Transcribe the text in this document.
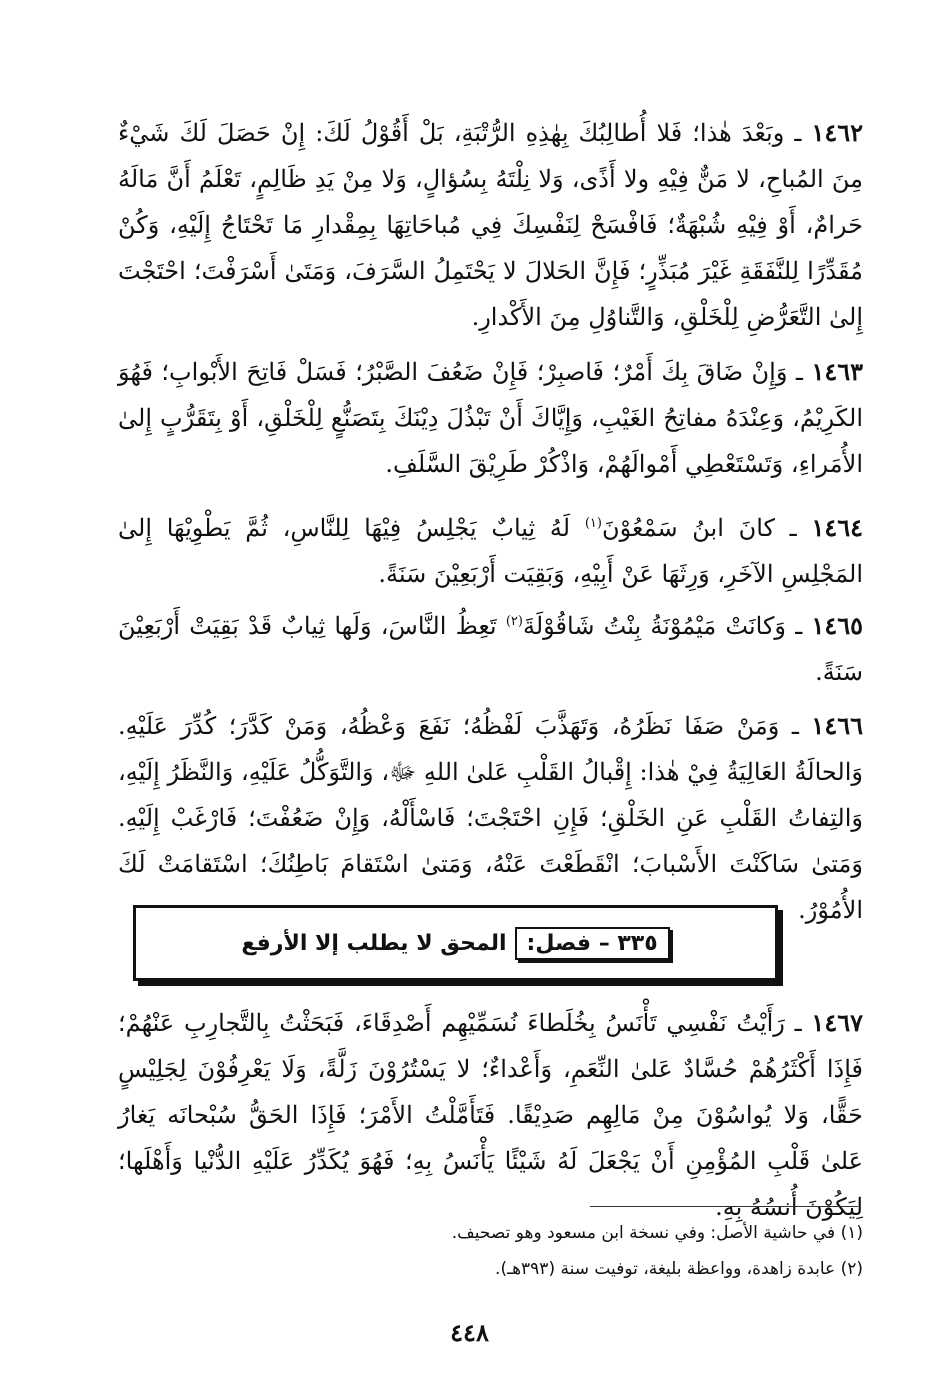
١٤٦٢ ـ وبَعْدَ هٰذا؛ فَلا أُطالِبُكَ بِهٰذِهِ الرُّتْبَةِ، بَلْ أَقُوْلُ لَكَ: إِنْ حَصَلَ لَكَ شَيْءٌ مِنَ المُباحِ، لا مَنٌّ فِيْهِ ولا أَذًى، وَلا نِلْتَهُ بِسُؤالٍ، وَلا مِنْ يَدِ ظَالِمٍ، تَعْلَمُ أَنَّ مَالَهُ حَرامٌ، أَوْ فِيْهِ شُبْهَةٌ؛ فَافْسَحْ لِنَفْسِكَ فِي مُباحَاتِهَا بِمِقْدارِ مَا تَحْتَاجُ إِلَيْهِ، وَكُنْ مُقَدِّرًا لِلنَّفَقَةِ غَيْرَ مُبَذِّرٍ؛ فَإِنَّ الحَلالَ لا يَحْتَمِلُ السَّرَفَ، وَمَتَىٰ أَسْرَفْتَ؛ احْتَجْتَ إِلىٰ التَّعَرُّضِ لِلْخَلْقِ، وَالتَّناوُلِ مِنَ الأَكْدارِ.
١٤٦٣ ـ وَإِنْ ضَاقَ بِكَ أَمْرٌ؛ فَاصبِرْ؛ فَإِنْ ضَعُفَ الصَّبْرُ؛ فَسَلْ فَاتِحَ الأَبْوابِ؛ فَهُوَ الكَرِيْمُ، وَعِنْدَهُ مفاتِحُ الغَيْبِ، وَإِيَّاكَ أَنْ تَبْذُلَ دِيْنَكَ بِتَصَنُّعٍ لِلْخَلْقِ، أَوْ بِتَقَرُّبٍ إِلىٰ الأُمَراءِ، وَتَسْتَعْطِي أَمْوالَهُمْ، وَاذْكُرْ طَرِيْقَ السَّلَفِ.
١٤٦٤ ـ كانَ ابنُ سَمْعُوْنَ$^{(١)}$ لَهُ ثِيابٌ يَجْلِسُ فِيْهَا لِلنَّاسِ، ثُمَّ يَطْوِيْهَا إِلىٰ المَجْلِسِ الآخَرِ، وَرِثَهَا عَنْ أَبِيْهِ، وَبَقِيَت أَرْبَعِيْنَ سَنَةً.
١٤٦٥ ـ وَكانَتْ مَيْمُوْنَةُ بِنْتُ شَاقُوْلَةَ$^{(٢)}$ تَعِظُ النَّاسَ، وَلَها ثِيابٌ قَدْ بَقِيَتْ أَرْبَعِيْنَ سَنَةً.
١٤٦٦ ـ وَمَنْ صَفَا نَظَرُهُ، وَتَهَذَّبَ لَفْظُهُ؛ نَفَعَ وَعْظُهُ، وَمَنْ كَدَّرَ؛ كُدِّرَ عَلَيْهِ. وَالحالَةُ العَالِيَةُ فِيْ هٰذا: إِقْبالُ القَلْبِ عَلىٰ اللهِ ﷻ، وَالتَّوَكُّلُ عَلَيْهِ، وَالنَّظَرُ إِلَيْهِ، وَالتِفاتُ القَلْبِ عَنِ الخَلْقِ؛ فَإِنِ احْتَجْتَ؛ فَاسْأَلْهُ، وَإِنْ ضَعُفْتَ؛ فَارْغَبْ إِلَيْهِ. وَمَتىٰ سَاكَنْتَ الأَسْبابَ؛ انْقَطَعْتَ عَنْهُ، وَمَتىٰ اسْتَقامَ بَاطِنُكَ؛ اسْتَقامَتْ لَكَ الأُمُوْرُ.
٣٣٥ – فصل:
المحق لا يطلب إلا الأرفع
١٤٦٧ ـ رَأَيْتُ نَفْسِي تَأْنَسُ بِخُلَطاءَ نُسَمِّيْهِم أَصْدِقَاءَ، فَبَحَثْتُ بِالتَّجارِبِ عَنْهُمْ؛ فَإِذَا أَكْثَرُهُمْ حُسَّادٌ عَلىٰ النِّعَمِ، وَأَعْداءٌ؛ لا يَسْتُرُوْنَ زَلَّةً، وَلَا يَعْرِفُوْنَ لِجَلِيْسٍ حَقًّا، وَلا يُواسُوْنَ مِنْ مَالِهِم صَدِيْقًا. فَتَأَمَّلْتُ الأَمْرَ؛ فَإِذَا الحَقُّ سُبْحانَه يَغارُ عَلىٰ قَلْبِ المُؤْمِنِ أَنْ يَجْعَلَ لَهُ شَيْئًا يَأْنَسُ بِهِ؛ فَهُوَ يُكَدِّرُ عَلَيْهِ الدُّنْيا وَأَهْلَها؛ لِيَكُوْنَ أُنسُهُ بِهِ.
(١) في حاشية الأصل: وفي نسخة ابن مسعود وهو تصحيف.
(٢) عابدة زاهدة، وواعظة بليغة، توفيت سنة (٣٩٣هـ).
٤٤٨
